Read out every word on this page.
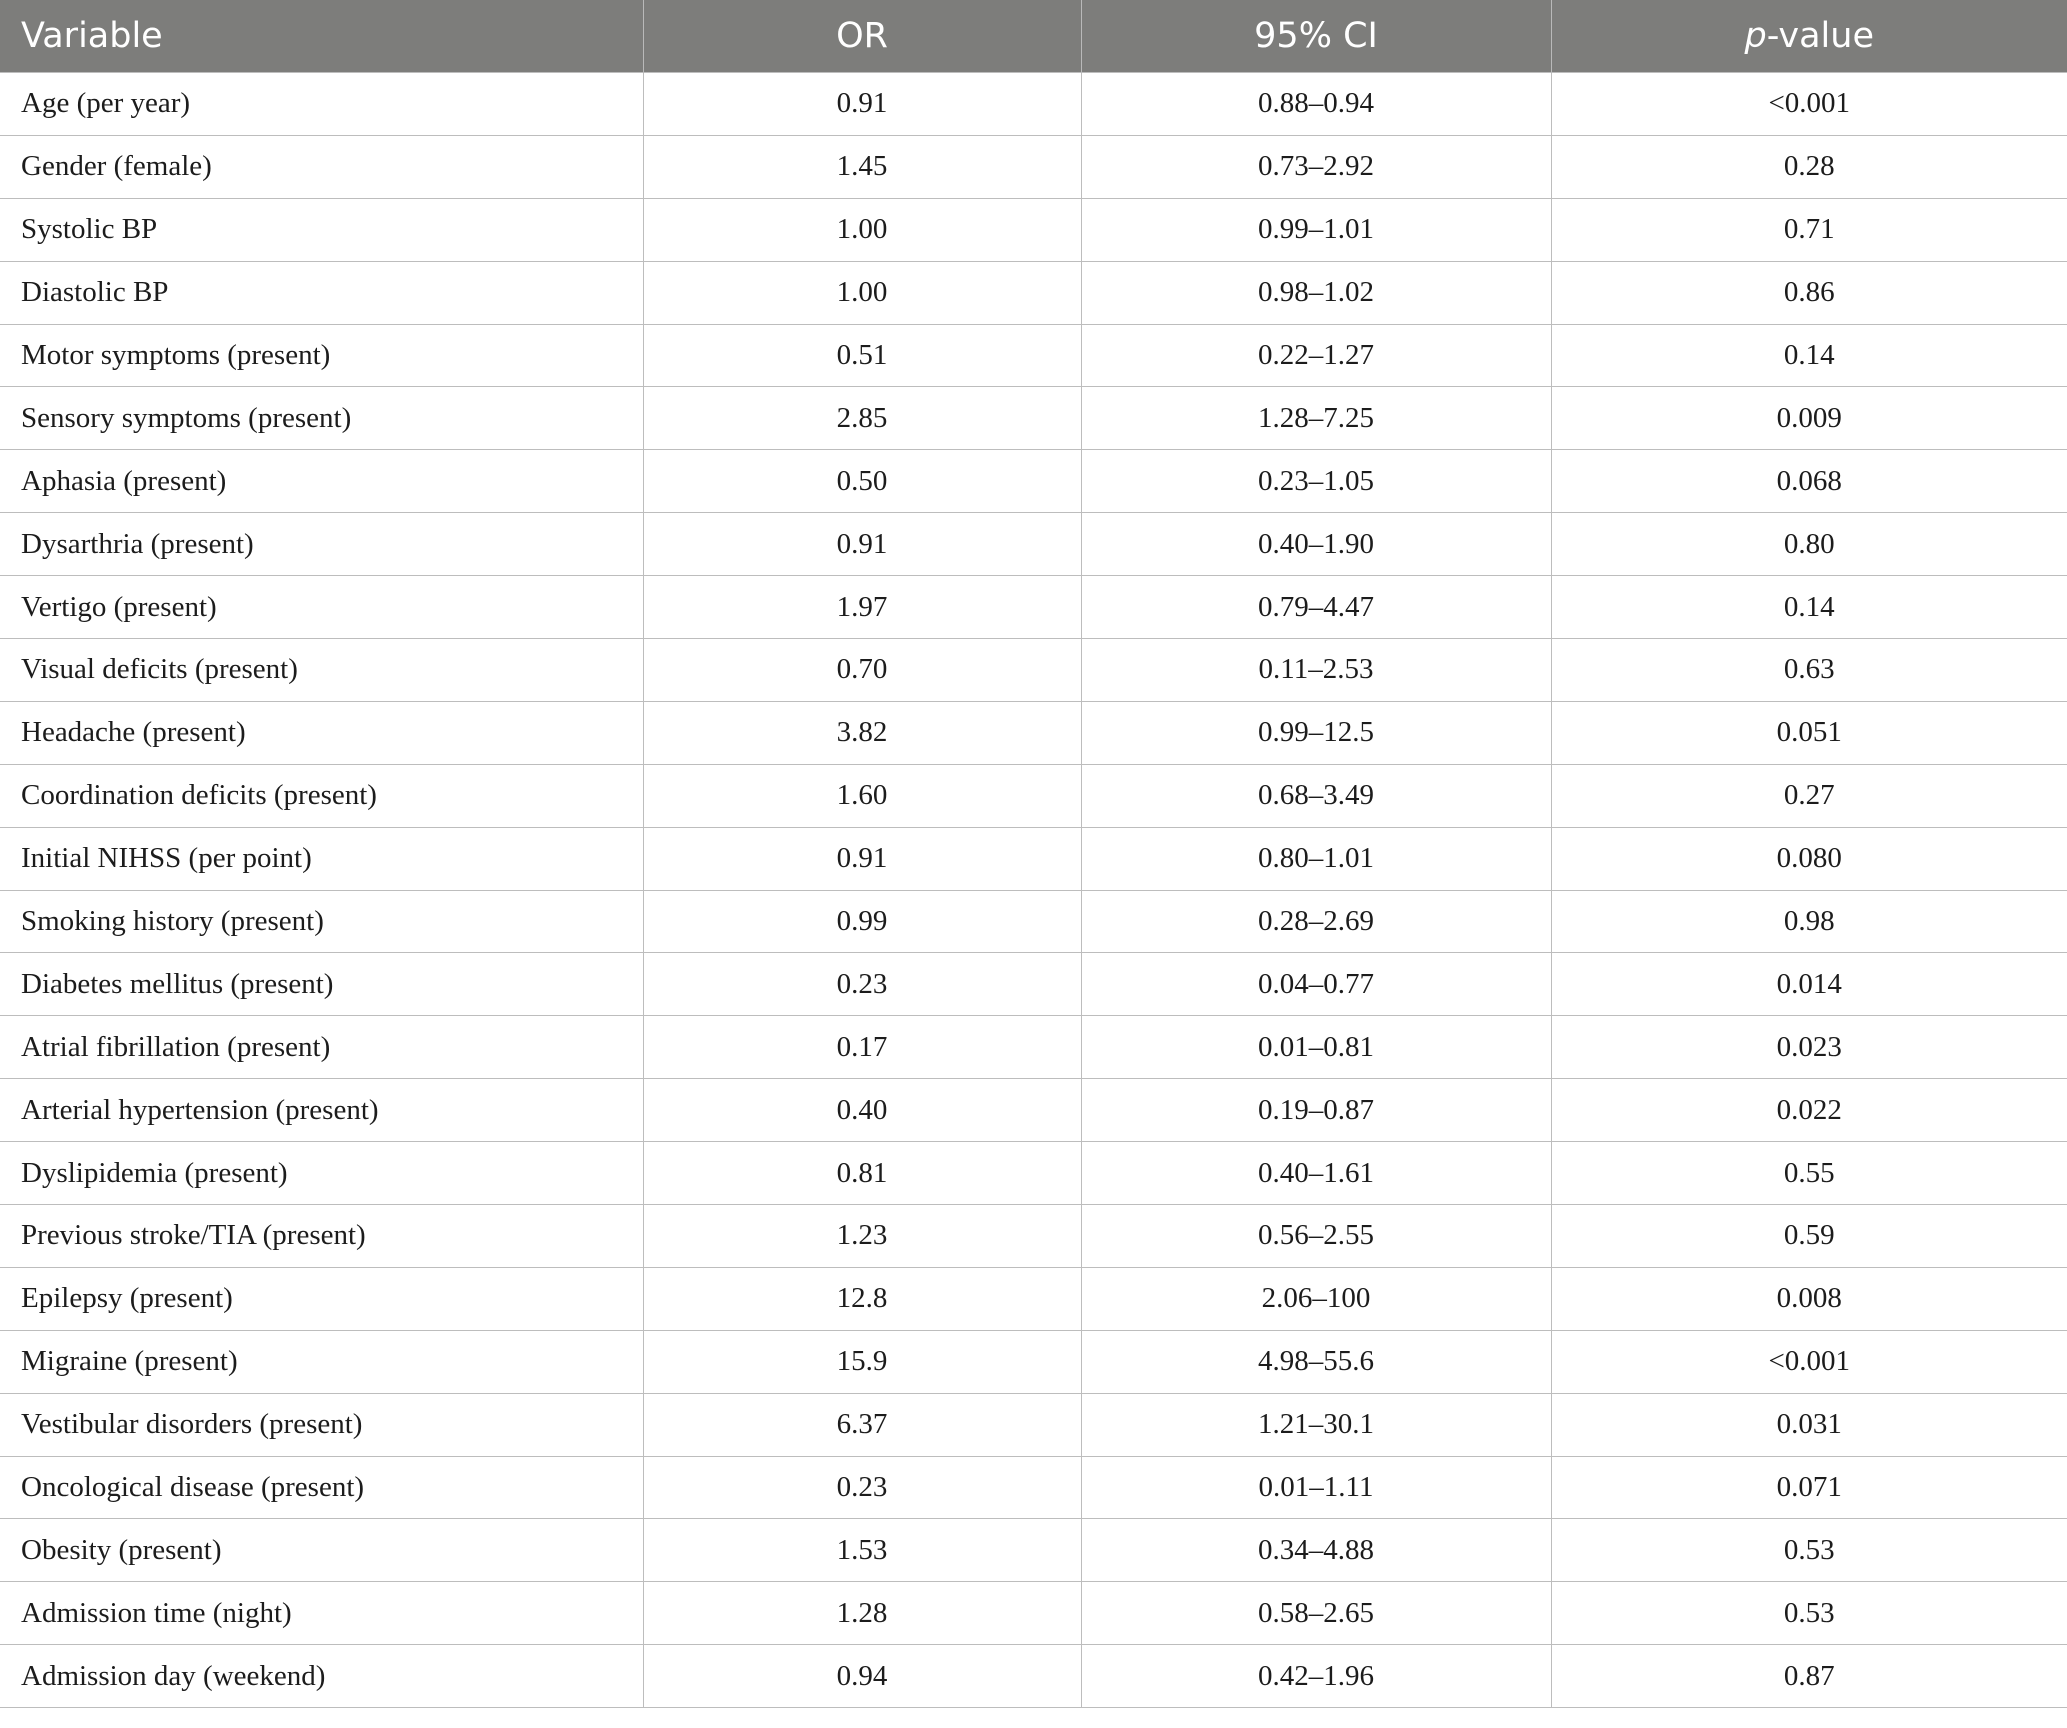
Variable	OR	95% CI	p-value
Age (per year)	0.91	0.88–0.94	<0.001
Gender (female)	1.45	0.73–2.92	0.28
Systolic BP	1.00	0.99–1.01	0.71
Diastolic BP	1.00	0.98–1.02	0.86
Motor symptoms (present)	0.51	0.22–1.27	0.14
Sensory symptoms (present)	2.85	1.28–7.25	0.009
Aphasia (present)	0.50	0.23–1.05	0.068
Dysarthria (present)	0.91	0.40–1.90	0.80
Vertigo (present)	1.97	0.79–4.47	0.14
Visual deficits (present)	0.70	0.11–2.53	0.63
Headache (present)	3.82	0.99–12.5	0.051
Coordination deficits (present)	1.60	0.68–3.49	0.27
Initial NIHSS (per point)	0.91	0.80–1.01	0.080
Smoking history (present)	0.99	0.28–2.69	0.98
Diabetes mellitus (present)	0.23	0.04–0.77	0.014
Atrial fibrillation (present)	0.17	0.01–0.81	0.023
Arterial hypertension (present)	0.40	0.19–0.87	0.022
Dyslipidemia (present)	0.81	0.40–1.61	0.55
Previous stroke/TIA (present)	1.23	0.56–2.55	0.59
Epilepsy (present)	12.8	2.06–100	0.008
Migraine (present)	15.9	4.98–55.6	<0.001
Vestibular disorders (present)	6.37	1.21–30.1	0.031
Oncological disease (present)	0.23	0.01–1.11	0.071
Obesity (present)	1.53	0.34–4.88	0.53
Admission time (night)	1.28	0.58–2.65	0.53
Admission day (weekend)	0.94	0.42–1.96	0.87
